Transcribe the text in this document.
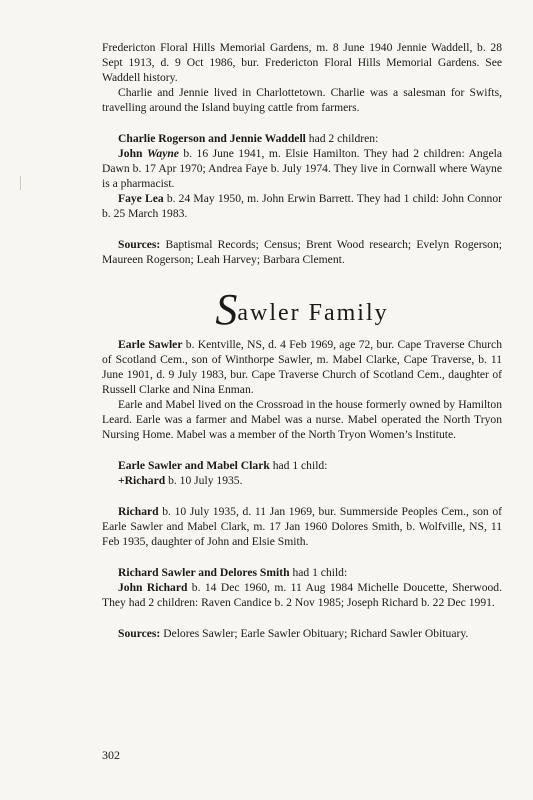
Fredericton Floral Hills Memorial Gardens, m. 8 June 1940 Jennie Waddell, b. 28 Sept 1913, d. 9 Oct 1986, bur. Fredericton Floral Hills Memorial Gardens. See Waddell history.

Charlie and Jennie lived in Charlottetown. Charlie was a salesman for Swifts, travelling around the Island buying cattle from farmers.

Charlie Rogerson and Jennie Waddell had 2 children:

John Wayne b. 16 June 1941, m. Elsie Hamilton. They had 2 children: Angela Dawn b. 17 Apr 1970; Andrea Faye b. July 1974. They live in Cornwall where Wayne is a pharmacist.

Faye Lea b. 24 May 1950, m. John Erwin Barrett. They had 1 child: John Connor b. 25 March 1983.

Sources: Baptismal Records; Census; Brent Wood research; Evelyn Rogerson; Maureen Rogerson; Leah Harvey; Barbara Clement.

Sawler Family

Earle Sawler b. Kentville, NS, d. 4 Feb 1969, age 72, bur. Cape Traverse Church of Scotland Cem., son of Winthorpe Sawler, m. Mabel Clarke, Cape Traverse, b. 11 June 1901, d. 9 July 1983, bur. Cape Traverse Church of Scotland Cem., daughter of Russell Clarke and Nina Enman.

Earle and Mabel lived on the Crossroad in the house formerly owned by Hamilton Leard. Earle was a farmer and Mabel was a nurse. Mabel operated the North Tryon Nursing Home. Mabel was a member of the North Tryon Women’s Institute.

Earle Sawler and Mabel Clark had 1 child:

+Richard b. 10 July 1935.

Richard b. 10 July 1935, d. 11 Jan 1969, bur. Summerside Peoples Cem., son of Earle Sawler and Mabel Clark, m. 17 Jan 1960 Dolores Smith, b. Wolfville, NS, 11 Feb 1935, daughter of John and Elsie Smith.

Richard Sawler and Delores Smith had 1 child:

John Richard b. 14 Dec 1960, m. 11 Aug 1984 Michelle Doucette, Sherwood. They had 2 children: Raven Candice b. 2 Nov 1985; Joseph Richard b. 22 Dec 1991.

Sources: Delores Sawler; Earle Sawler Obituary; Richard Sawler Obituary.

302
